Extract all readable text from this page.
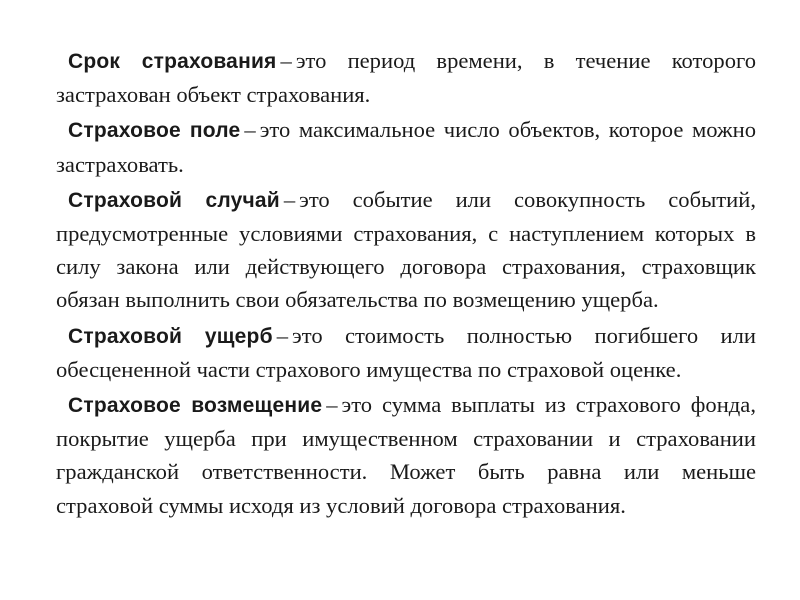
Срок страхования – это период времени, в течение которого застрахован объект страхования.

Страховое поле – это максимальное число объектов, которое можно застраховать.

Страховой случай – это событие или совокупность событий, предусмотренные условиями страхования, с наступлением которых в силу закона или действующего договора страхования, страховщик обязан выполнить свои обязательства по возмещению ущерба.

Страховой ущерб – это стоимость полностью погибшего или обесцененной части страхового имущества по страховой оценке.

Страховое возмещение – это сумма выплаты из страхового фонда, покрытие ущерба при имущественном страховании и страховании гражданской ответственности. Может быть равна или меньше страховой суммы исходя из условий договора страхования.
